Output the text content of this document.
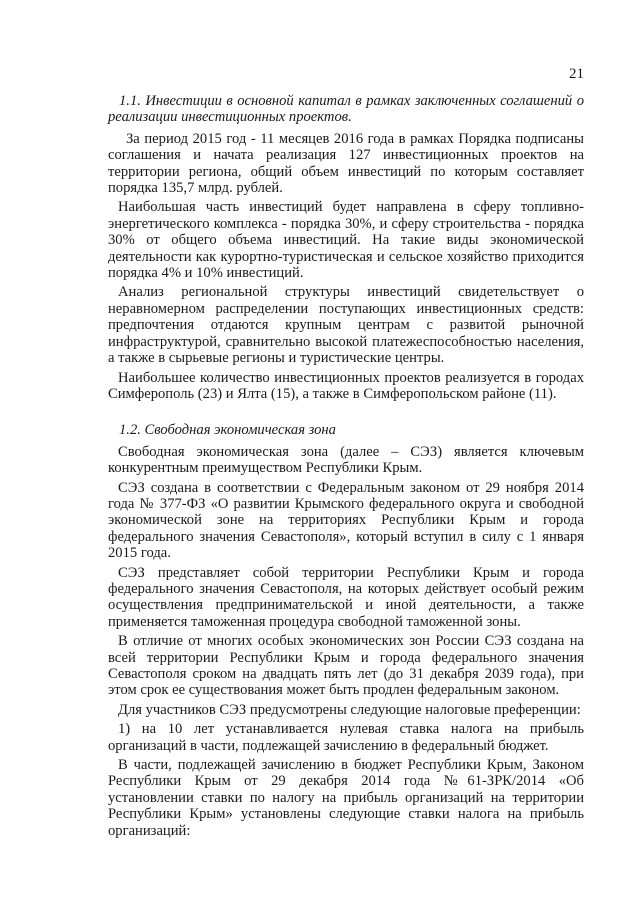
21
1.1. Инвестиции в основной капитал в рамках заключенных соглашений о реализации инвестиционных проектов.

За период 2015 год - 11 месяцев 2016 года в рамках Порядка подписаны соглашения и начата реализация 127 инвестиционных проектов на территории региона, общий объем инвестиций по которым составляет порядка 135,7 млрд. рублей.

Наибольшая часть инвестиций будет направлена в сферу топливно-энергетического комплекса - порядка 30%, и сферу строительства - порядка 30% от общего объема инвестиций. На такие виды экономической деятельности как курортно-туристическая и сельское хозяйство приходится порядка 4% и 10% инвестиций.

Анализ региональной структуры инвестиций свидетельствует о неравномерном распределении поступающих инвестиционных средств: предпочтения отдаются крупным центрам с развитой рыночной инфраструктурой, сравнительно высокой платежеспособностью населения, а также в сырьевые регионы и туристические центры.

Наибольшее количество инвестиционных проектов реализуется в городах Симферополь (23) и Ялта (15), а также в Симферопольском районе (11).

1.2. Свободная экономическая зона

Свободная экономическая зона (далее – СЭЗ) является ключевым конкурентным преимуществом Республики Крым.

СЭЗ создана в соответствии с Федеральным законом от 29 ноября 2014 года № 377-ФЗ «О развитии Крымского федерального округа и свободной экономической зоне на территориях Республики Крым и города федерального значения Севастополя», который вступил в силу с 1 января 2015 года.

СЭЗ представляет собой территории Республики Крым и города федерального значения Севастополя, на которых действует особый режим осуществления предпринимательской и иной деятельности, а также применяется таможенная процедура свободной таможенной зоны.

В отличие от многих особых экономических зон России СЭЗ создана на всей территории Республики Крым и города федерального значения Севастополя сроком на двадцать пять лет (до 31 декабря 2039 года), при этом срок ее существования может быть продлен федеральным законом.

Для участников СЭЗ предусмотрены следующие налоговые преференции:

1) на 10 лет устанавливается нулевая ставка налога на прибыль организаций в части, подлежащей зачислению в федеральный бюджет.

В части, подлежащей зачислению в бюджет Республики Крым, Законом Республики Крым от 29 декабря 2014 года №61-ЗРК/2014 «Об установлении ставки по налогу на прибыль организаций на территории Республики Крым» установлены следующие ставки налога на прибыль организаций:
